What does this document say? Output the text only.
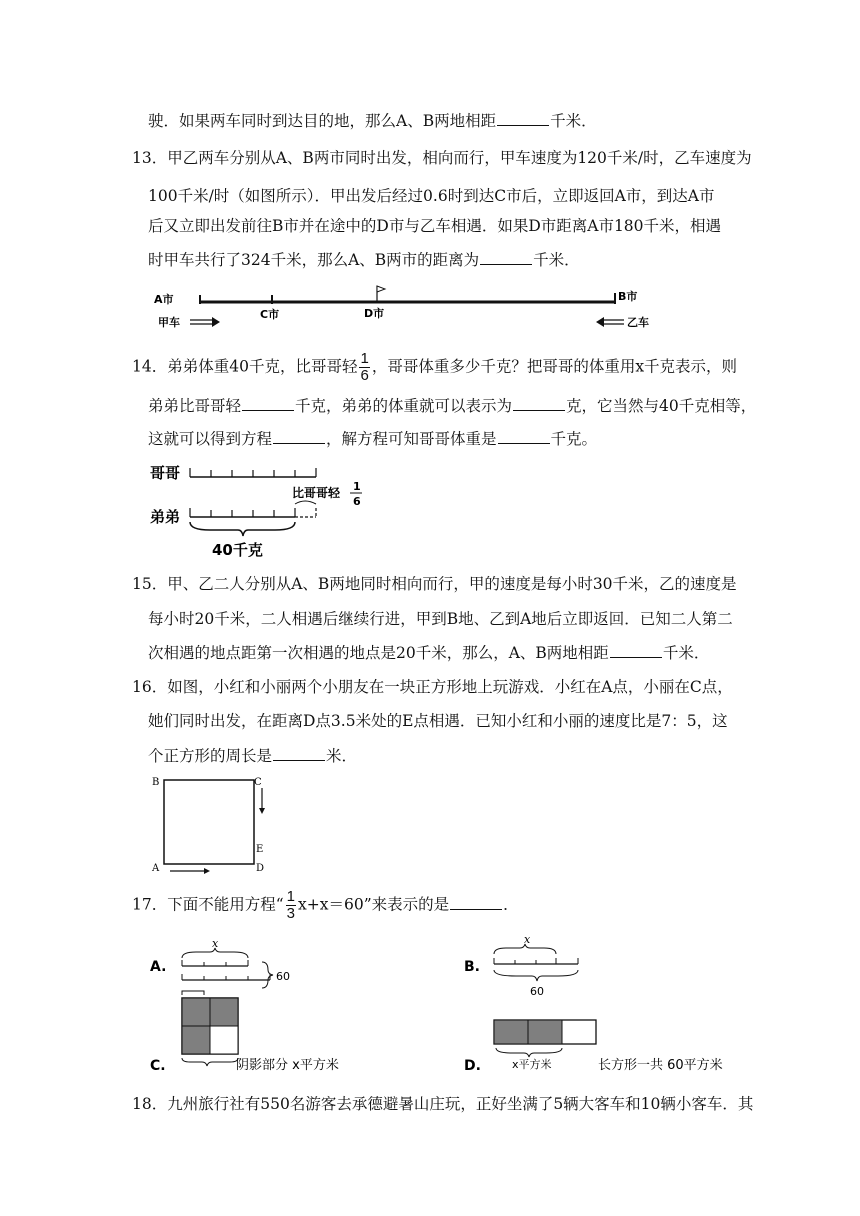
驶．如果两车同时到达目的地，那么A、B两地相距	千米．
13．甲乙两车分别从A、B两市同时出发，相向而行，甲车速度为120千米/时，乙车速度为
100千米/时（如图所示）．甲出发后经过0.6时到达C市后，立即返回A市，到达A市
后又立即出发前往B市并在途中的D市与乙车相遇．如果D市距离A市180千米，相遇
时甲车共行了324千米，那么A、B两市的距离为	千米．
A市	B市
C市	D市
甲车	乙车
14．弟弟体重40千克，比哥哥轻 $\frac{1}{6}$ ，哥哥体重多少千克？把哥哥的体重用x千克表示，则
弟弟比哥哥轻	千克，弟弟的体重就可以表示为	克，它当然与40千克相等，
这就可以得到方程	，解方程可知哥哥体重是	千克。
哥哥
比哥哥轻 1
6
弟弟
40千克
15．甲、乙二人分别从A、B两地同时相向而行，甲的速度是每小时30千米，乙的速度是
每小时20千米，二人相遇后继续行进，甲到B地、乙到A地后立即返回．已知二人第二
次相遇的地点距第一次相遇的地点是20千米，那么，A、B两地相距	千米．
16．如图，小红和小丽两个小朋友在一块正方形地上玩游戏．小红在A点，小丽在C点，
她们同时出发，在距离D点3.5米处的E点相遇．已知小红和小丽的速度比是7：5，这
个正方形的周长是	米．
B	C
A	D
E
17．下面不能用方程“ $\frac{1}{3} x+x=60$”来表示的是	．
A.
x
60
B.
x
60
C.	阴影部分 x平方米	D.	x平方米	长方形一共 60平方米
18．九州旅行社有550名游客去承德避暑山庄玩，正好坐满了5辆大客车和10辆小客车．其
